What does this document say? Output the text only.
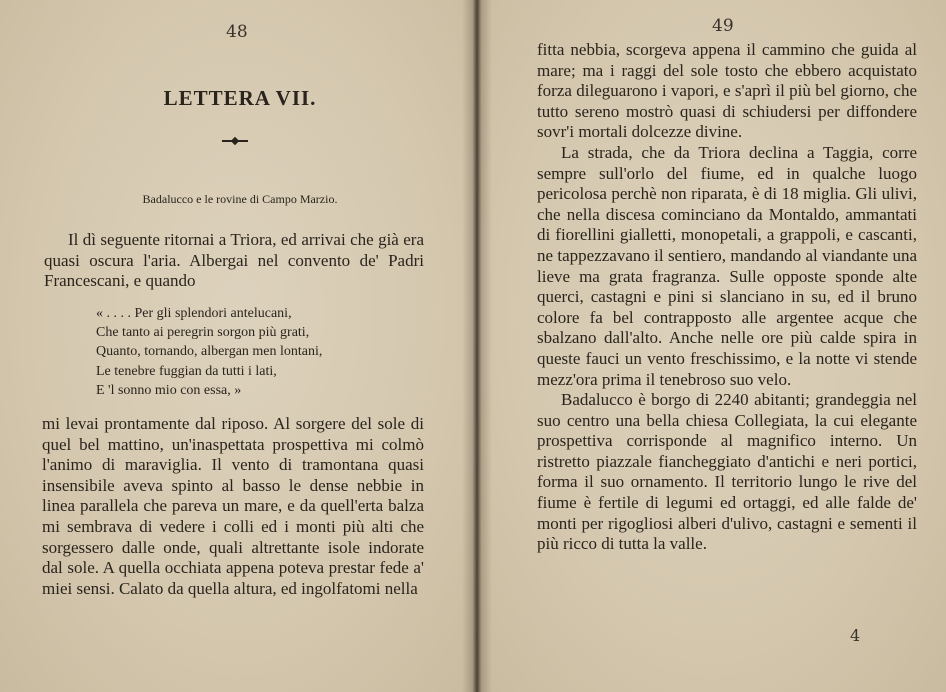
48
LETTERA VII.
Badalucco e le rovine di Campo Marzio.

Il dì seguente ritornai a Triora, ed arrivai che già era quasi oscura l'aria. Albergai nel convento de' Padri Francescani, e quando

« . . . . Per gli splendori antelucani,
Che tanto ai peregrin sorgon più grati,
Quanto, tornando, albergan men lontani,
Le tenebre fuggian da tutti i lati,
E 'l sonno mio con essa, »

mi levai prontamente dal riposo. Al sorgere del sole di quel bel mattino, un'inaspettata prospettiva mi colmò l'animo di maraviglia. Il vento di tramontana quasi insensibile aveva spinto al basso le dense nebbie in linea parallela che pareva un mare, e da quell'erta balza mi sembrava di vedere i colli ed i monti più alti che sorgessero dalle onde, quali altrettante isole indorate dal sole. A quella occhiata appena poteva prestar fede a' miei sensi. Calato da quella altura, ed ingolfatomi nella

49

fitta nebbia, scorgeva appena il cammino che guida al mare; ma i raggi del sole tosto che ebbero acquistato forza dileguarono i vapori, e s'aprì il più bel giorno, che tutto sereno mostrò quasi di schiudersi per diffondere sovr'i mortali dolcezze divine.

La strada, che da Triora declina a Taggia, corre sempre sull'orlo del fiume, ed in qualche luogo pericolosa perchè non riparata, è di 18 miglia. Gli ulivi, che nella discesa cominciano da Montaldo, ammantati di fiorellini gialletti, monopetali, a grappoli, e cascanti, ne tappezzavano il sentiero, mandando al viandante una lieve ma grata fragranza. Sulle opposte sponde alte querci, castagni e pini si slanciano in su, ed il bruno colore fa bel contrapposto alle argentee acque che sbalzano dall'alto. Anche nelle ore più calde spira in queste fauci un vento freschissimo, e la notte vi stende mezz'ora prima il tenebroso suo velo.

Badalucco è borgo di 2240 abitanti; grandeggia nel suo centro una bella chiesa Collegiata, la cui elegante prospettiva corrisponde al magnifico interno. Un ristretto piazzale fiancheggiato d'antichi e neri portici, forma il suo ornamento. Il territorio lungo le rive del fiume è fertile di legumi ed ortaggi, ed alle falde de' monti per rigogliosi alberi d'ulivo, castagni e sementi il più ricco di tutta la valle.

4
